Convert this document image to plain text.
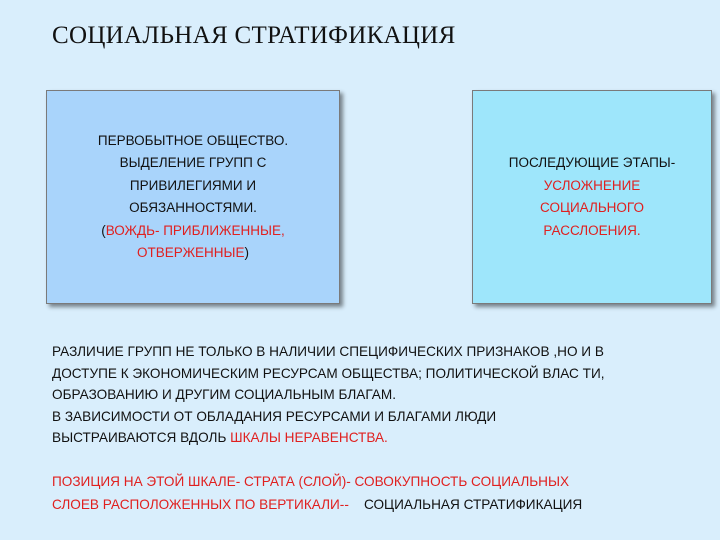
СОЦИАЛЬНАЯ СТРАТИФИКАЦИЯ
ПЕРВОБЫТНОЕ ОБЩЕСТВО.
ВЫДЕЛЕНИЕ ГРУПП С
ПРИВИЛЕГИЯМИ И
ОБЯЗАННОСТЯМИ.
(ВОЖДЬ- ПРИБЛИЖЕННЫЕ,
ОТВЕРЖЕННЫЕ)
ПОСЛЕДУЮЩИЕ ЭТАПЫ-
УСЛОЖНЕНИЕ
СОЦИАЛЬНОГО
РАССЛОЕНИЯ.
РАЗЛИЧИЕ ГРУПП НЕ ТОЛЬКО В НАЛИЧИИ СПЕЦИФИЧЕСКИХ ПРИЗНАКОВ ,НО И В
ДОСТУПЕ К ЭКОНОМИЧЕСКИМ РЕСУРСАМ ОБЩЕСТВА; ПОЛИТИЧЕСКОЙ ВЛАС ТИ,
ОБРАЗОВАНИЮ И ДРУГИМ СОЦИАЛЬНЫМ БЛАГАМ.
В ЗАВИСИМОСТИ ОТ ОБЛАДАНИЯ РЕСУРСАМИ И БЛАГАМИ ЛЮДИ
ВЫСТРАИВАЮТСЯ ВДОЛЬ ШКАЛЫ НЕРАВЕНСТВА.
ПОЗИЦИЯ НА ЭТОЙ ШКАЛЕ- СТРАТА (СЛОЙ)- СОВОКУПНОСТЬ СОЦИАЛЬНЫХ
СЛОЕВ РАСПОЛОЖЕННЫХ ПО ВЕРТИКАЛИ-- СОЦИАЛЬНАЯ СТРАТИФИКАЦИЯ
